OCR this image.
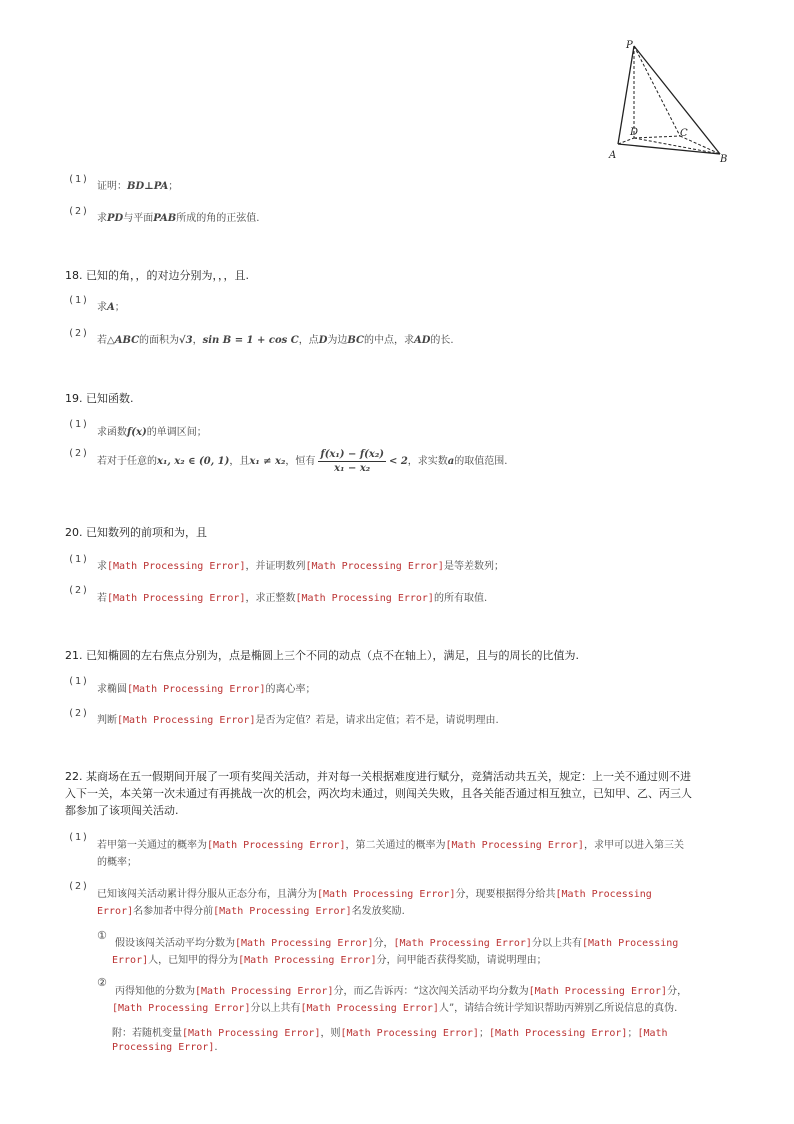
P
A	B
C
D
(1)
证明：BD⊥PA；
(2)
求PD与平面PAB所成的角的正弦值.
18. 已知的角，，的对边分别为，，，且.
(1)
求A；
(2)
若△ABC的面积为√3，sin B = 1 + cos C，点D为边BC的中点，求AD的长.
19. 已知函数.
(1)
求函数f(x)的单调区间；
(2)
若对于任意的x₁, x₂ ∈ (0, 1)，且x₁ ≠ x₂，恒有 $\frac{\text{f(x₁) − f(x₂)}}{\text{x₁ − x₂}} < 2$，求实数a的取值范围.
20. 已知数列的前项和为，且
(1)
求[Math Processing Error]，并证明数列[Math Processing Error]是等差数列；
(2)
若[Math Processing Error]，求正整数[Math Processing Error]的所有取值.
21. 已知椭圆的左右焦点分别为，点是椭圆上三个不同的动点（点不在轴上），满足，且与的周长的比值为.
(1)
求椭圆[Math Processing Error]的离心率；
(2)
判断[Math Processing Error]是否为定值？若是，请求出定值；若不是，请说明理由.
22. 某商场在五一假期间开展了一项有奖闯关活动，并对每一关根据难度进行赋分，竞猜活动共五关，规定：上一关不通过则不进
入下一关，本关第一次未通过有再挑战一次的机会，两次均未通过，则闯关失败，且各关能否通过相互独立，已知甲、乙、丙三人
都参加了该项闯关活动.
(1)
若甲第一关通过的概率为[Math Processing Error]，第二关通过的概率为[Math Processing Error]，求甲可以进入第三关
的概率；
(2)
已知该闯关活动累计得分服从正态分布，且满分为[Math Processing Error]分，现要根据得分给共[Math Processing
Error]名参加者中得分前[Math Processing Error]名发放奖励.
①
假设该闯关活动平均分数为[Math Processing Error]分，[Math Processing Error]分以上共有[Math Processing
Error]人，已知甲的得分为[Math Processing Error]分，问甲能否获得奖励，请说明理由；
②
丙得知他的分数为[Math Processing Error]分，而乙告诉丙：“这次闯关活动平均分数为[Math Processing Error]分，
[Math Processing Error]分以上共有[Math Processing Error]人”，请结合统计学知识帮助丙辨别乙所说信息的真伪.
附：若随机变量[Math Processing Error]，则[Math Processing Error]；[Math Processing Error]；[Math
Processing Error].
